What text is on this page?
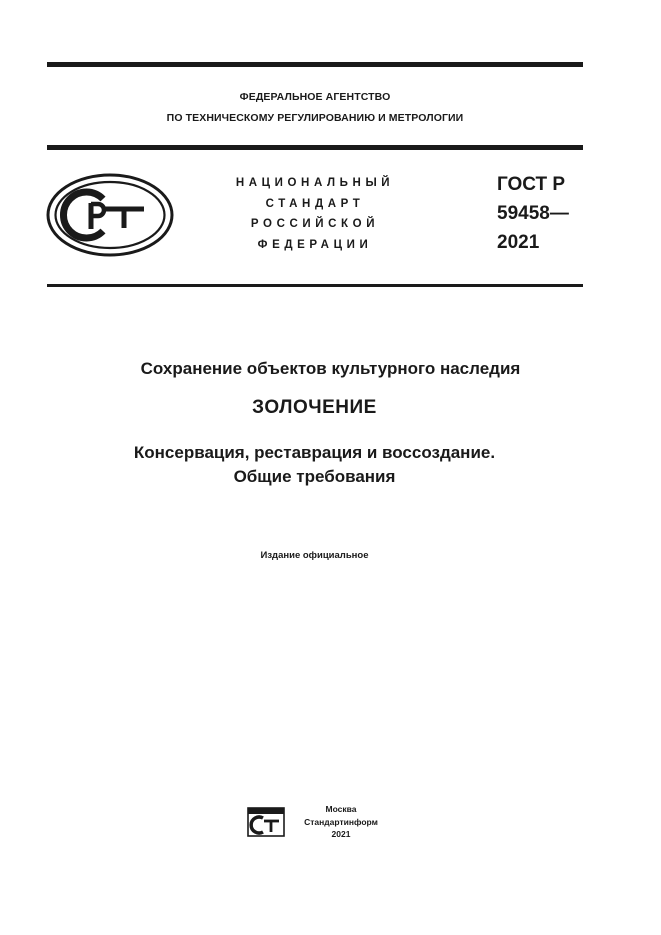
ФЕДЕРАЛЬНОЕ АГЕНТСТВО
ПО ТЕХНИЧЕСКОМУ РЕГУЛИРОВАНИЮ И МЕТРОЛОГИИ
НАЦИОНАЛЬНЫЙ
СТАНДАРТ
РОССИЙСКОЙ
ФЕДЕРАЦИИ
ГОСТ Р
59458—
2021
Сохранение объектов культурного наследия
ЗОЛОЧЕНИЕ
Консервация, реставрация и воссоздание.
Общие требования
Издание официальное
Москва
Стандартинформ
2021
